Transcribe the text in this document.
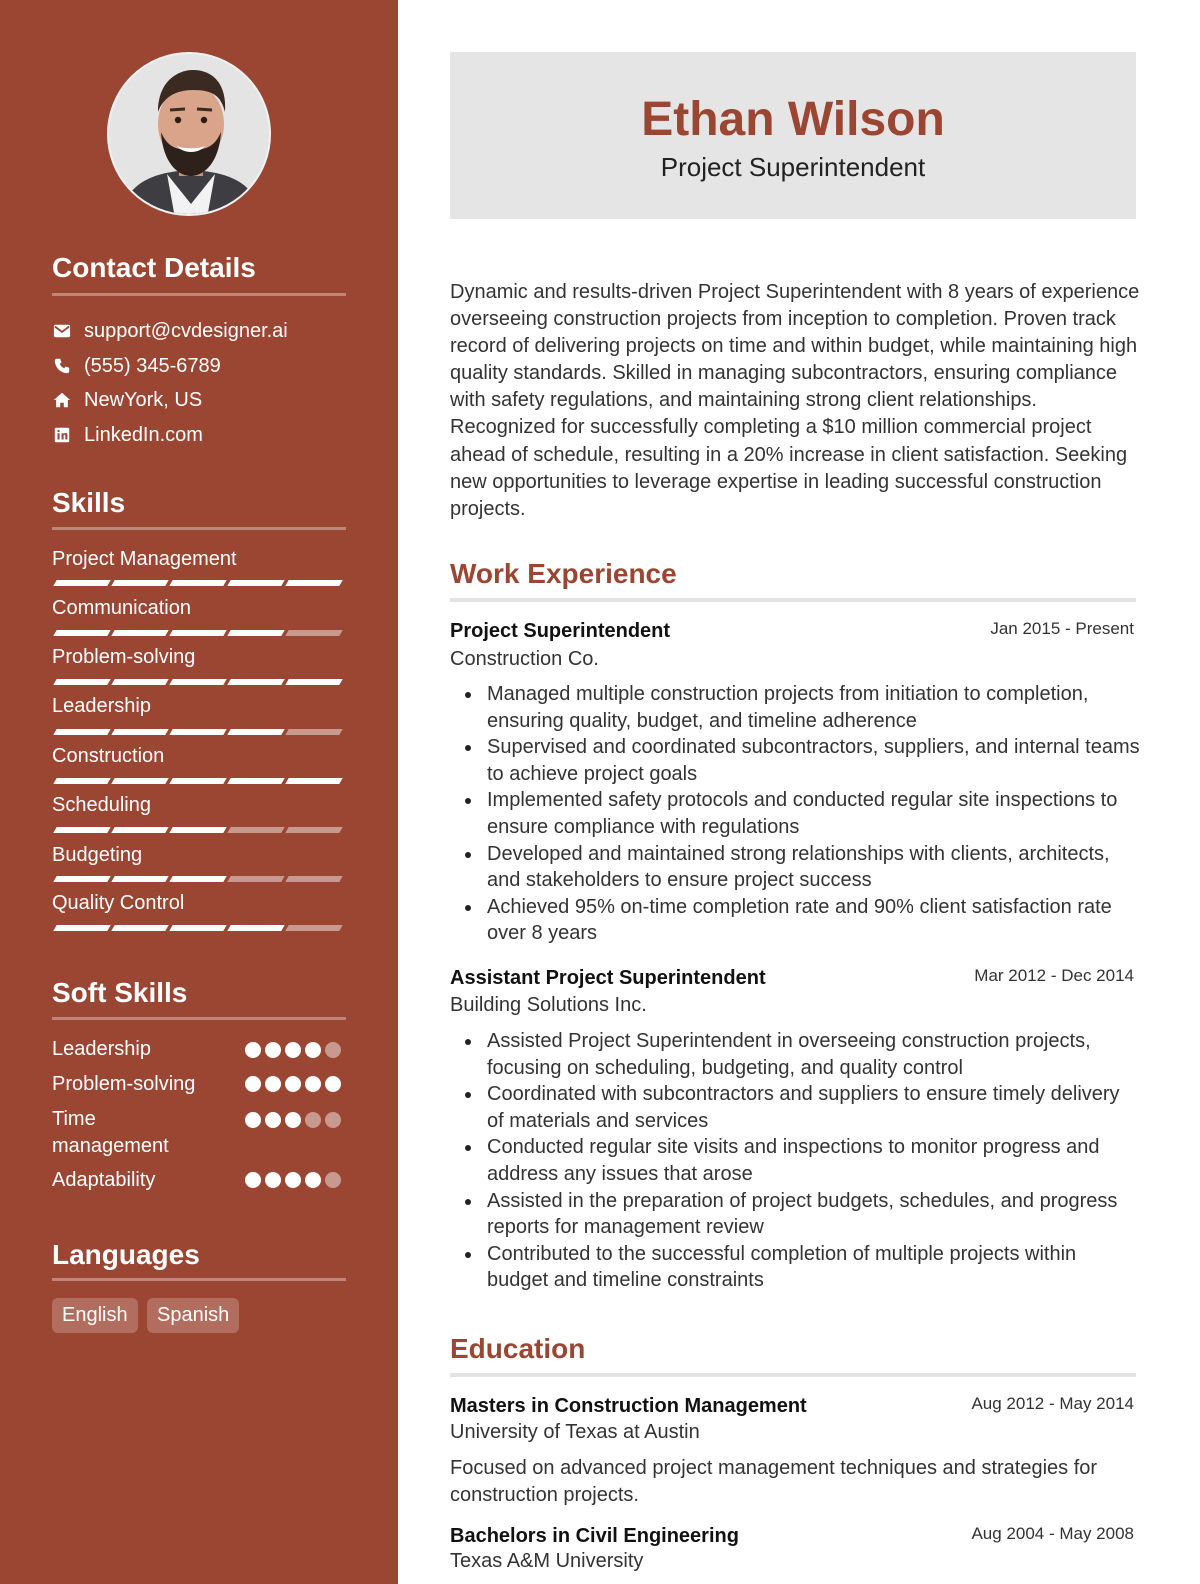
Contact Details
support@cvdesigner.ai
(555) 345-6789
NewYork, US
LinkedIn.com
Skills
Project Management
Communication
Problem-solving
Leadership
Construction
Scheduling
Budgeting
Quality Control
Soft Skills
Leadership
Problem-solving
Time management
Adaptability
Languages
English	Spanish
Ethan Wilson
Project Superintendent
Dynamic and results-driven Project Superintendent with 8 years of experience overseeing construction projects from inception to completion. Proven track record of delivering projects on time and within budget, while maintaining high quality standards. Skilled in managing subcontractors, ensuring compliance with safety regulations, and maintaining strong client relationships. Recognized for successfully completing a $10 million commercial project ahead of schedule, resulting in a 20% increase in client satisfaction. Seeking new opportunities to leverage expertise in leading successful construction projects.
Work Experience
Project Superintendent	Jan 2015 - Present
Construction Co.
Managed multiple construction projects from initiation to completion, ensuring quality, budget, and timeline adherence
Supervised and coordinated subcontractors, suppliers, and internal teams to achieve project goals
Implemented safety protocols and conducted regular site inspections to ensure compliance with regulations
Developed and maintained strong relationships with clients, architects, and stakeholders to ensure project success
Achieved 95% on-time completion rate and 90% client satisfaction rate over 8 years
Assistant Project Superintendent	Mar 2012 - Dec 2014
Building Solutions Inc.
Assisted Project Superintendent in overseeing construction projects, focusing on scheduling, budgeting, and quality control
Coordinated with subcontractors and suppliers to ensure timely delivery of materials and services
Conducted regular site visits and inspections to monitor progress and address any issues that arose
Assisted in the preparation of project budgets, schedules, and progress reports for management review
Contributed to the successful completion of multiple projects within budget and timeline constraints
Education
Masters in Construction Management	Aug 2012 - May 2014
University of Texas at Austin
Focused on advanced project management techniques and strategies for construction projects.
Bachelors in Civil Engineering	Aug 2004 - May 2008
Texas A&M University
